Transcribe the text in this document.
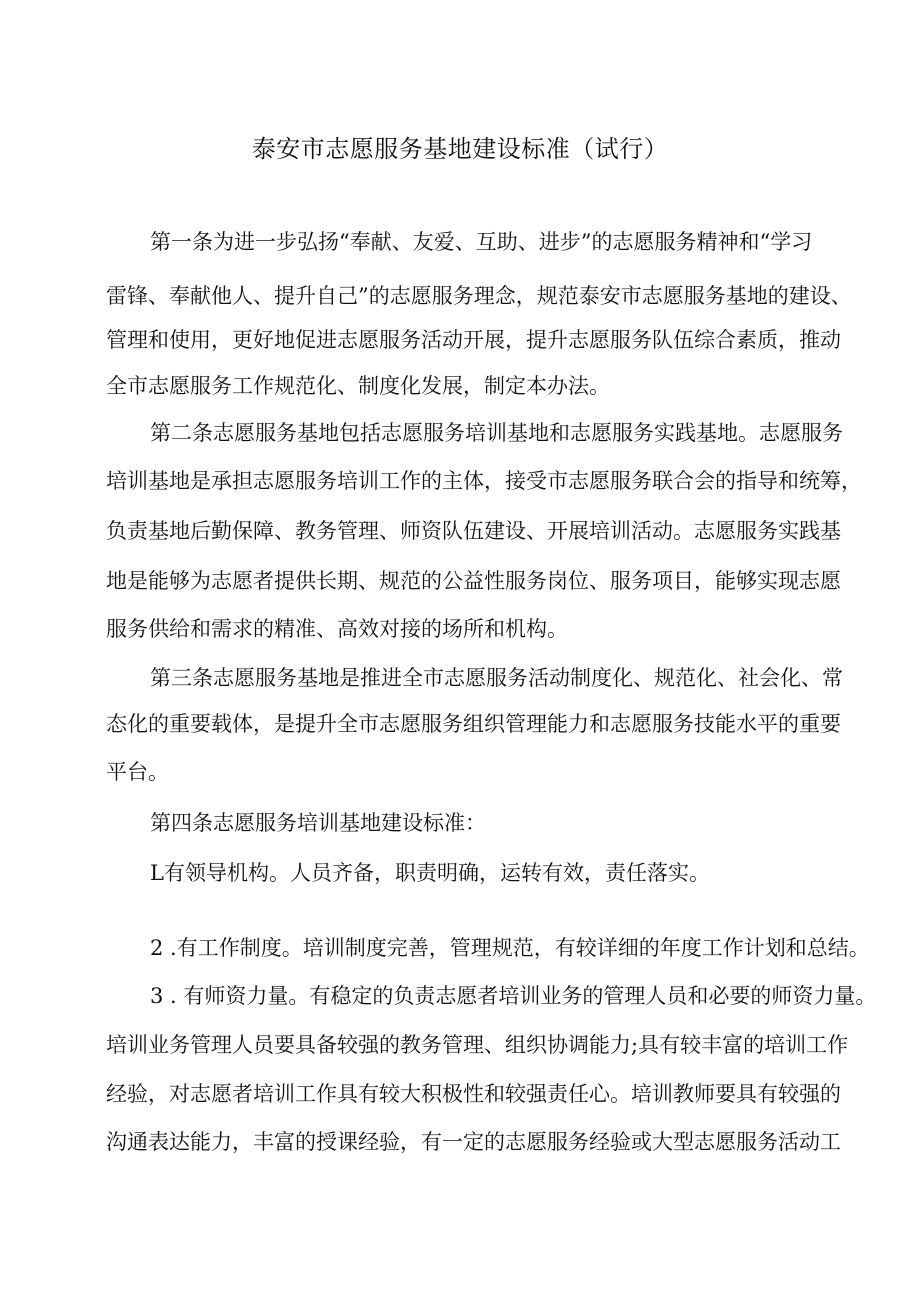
泰安市志愿服务基地建设标准（试行）

第一条为进一步弘扬“奉献、友爱、互助、进步”的志愿服务精神和“学习

雷锋、奉献他人、提升自己”的志愿服务理念，规范泰安市志愿服务基地的建设、

管理和使用，更好地促进志愿服务活动开展，提升志愿服务队伍综合素质，推动

全市志愿服务工作规范化、制度化发展，制定本办法。

第二条志愿服务基地包括志愿服务培训基地和志愿服务实践基地。志愿服务

培训基地是承担志愿服务培训工作的主体，接受市志愿服务联合会的指导和统筹，

负责基地后勤保障、教务管理、师资队伍建设、开展培训活动。志愿服务实践基

地是能够为志愿者提供长期、规范的公益性服务岗位、服务项目，能够实现志愿

服务供给和需求的精准、高效对接的场所和机构。

第三条志愿服务基地是推进全市志愿服务活动制度化、规范化、社会化、常

态化的重要载体，是提升全市志愿服务组织管理能力和志愿服务技能水平的重要

平台。

第四条志愿服务培训基地建设标准：

L有领导机构。人员齐备，职责明确，运转有效，责任落实。

2 .有工作制度。培训制度完善，管理规范，有较详细的年度工作计划和总结。

3 . 有师资力量。有稳定的负责志愿者培训业务的管理人员和必要的师资力量。

培训业务管理人员要具备较强的教务管理、组织协调能力;具有较丰富的培训工作

经验，对志愿者培训工作具有较大积极性和较强责任心。培训教师要具有较强的

沟通表达能力，丰富的授课经验，有一定的志愿服务经验或大型志愿服务活动工
